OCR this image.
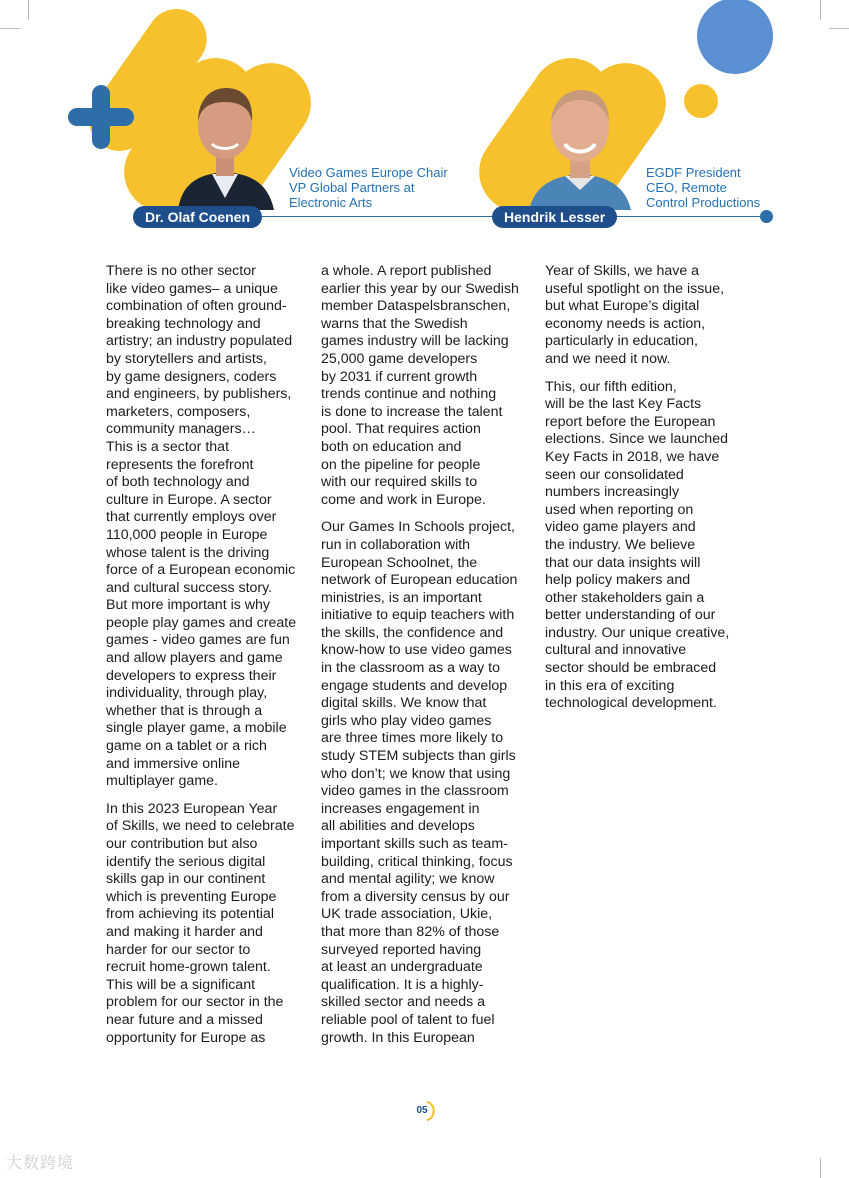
Dr. Olaf Coenen	Hendrik Lesser
Video Games Europe Chair
VP Global Partners at
Electronic Arts
EGDF President
CEO, Remote
Control Productions

There is no other sector
like video games– a unique
combination of often ground-
breaking technology and
artistry; an industry populated
by storytellers and artists,
by game designers, coders
and engineers, by publishers,
marketers, composers,
community managers…
This is a sector that
represents the forefront
of both technology and
culture in Europe. A sector
that currently employs over
110,000 people in Europe
whose talent is the driving
force of a European economic
and cultural success story.
But more important is why
people play games and create
games - video games are fun
and allow players and game
developers to express their
individuality, through play,
whether that is through a
single player game, a mobile
game on a tablet or a rich
and immersive online
multiplayer game.

In this 2023 European Year
of Skills, we need to celebrate
our contribution but also
identify the serious digital
skills gap in our continent
which is preventing Europe
from achieving its potential
and making it harder and
harder for our sector to
recruit home-grown talent.
This will be a significant
problem for our sector in the
near future and a missed
opportunity for Europe as

a whole. A report published
earlier this year by our Swedish
member Dataspelsbranschen,
warns that the Swedish
games industry will be lacking
25,000 game developers
by 2031 if current growth
trends continue and nothing
is done to increase the talent
pool. That requires action
both on education and
on the pipeline for people
with our required skills to
come and work in Europe.

Our Games In Schools project,
run in collaboration with
European Schoolnet, the
network of European education
ministries, is an important
initiative to equip teachers with
the skills, the confidence and
know-how to use video games
in the classroom as a way to
engage students and develop
digital skills. We know that
girls who play video games
are three times more likely to
study STEM subjects than girls
who don’t; we know that using
video games in the classroom
increases engagement in
all abilities and develops
important skills such as team-
building, critical thinking, focus
and mental agility; we know
from a diversity census by our
UK trade association, Ukie,
that more than 82% of those
surveyed reported having
at least an undergraduate
qualification. It is a highly-
skilled sector and needs a
reliable pool of talent to fuel
growth. In this European

Year of Skills, we have a
useful spotlight on the issue,
but what Europe’s digital
economy needs is action,
particularly in education,
and we need it now.

This, our fifth edition,
will be the last Key Facts
report before the European
elections. Since we launched
Key Facts in 2018, we have
seen our consolidated
numbers increasingly
used when reporting on
video game players and
the industry. We believe
that our data insights will
help policy makers and
other stakeholders gain a
better understanding of our
industry. Our unique creative,
cultural and innovative
sector should be embraced
in this era of exciting
technological development.

05
大数跨境
